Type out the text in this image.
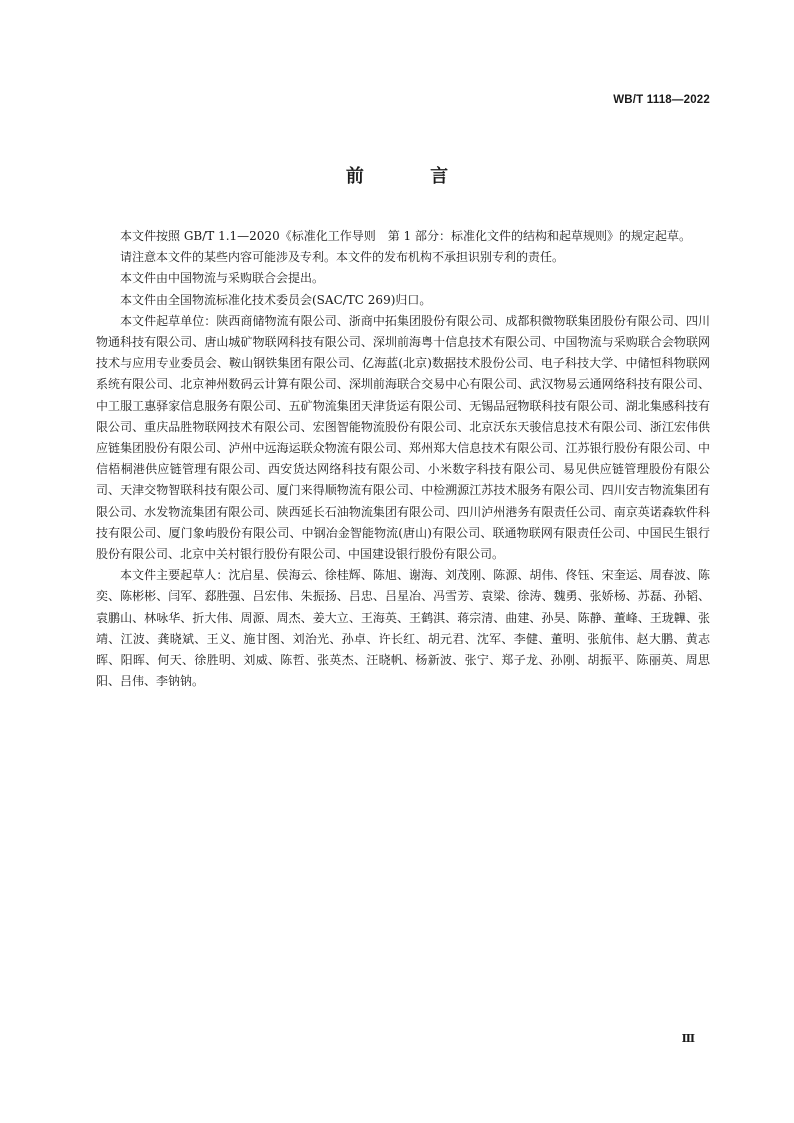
WB/T 1118—2022
前 言

本文件按照 GB/T 1.1—2020《标准化工作导则　第 1 部分：标准化文件的结构和起草规则》的规定起草。

请注意本文件的某些内容可能涉及专利。本文件的发布机构不承担识别专利的责任。

本文件由中国物流与采购联合会提出。

本文件由全国物流标准化技术委员会(SAC/TC 269)归口。

本文件起草单位：陕西商储物流有限公司、浙商中拓集团股份有限公司、成都积微物联集团股份有限公司、四川物通科技有限公司、唐山城矿物联网科技有限公司、深圳前海粤十信息技术有限公司、中国物流与采购联合会物联网技术与应用专业委员会、鞍山钢铁集团有限公司、亿海蓝(北京)数据技术股份公司、电子科技大学、中储恒科物联网系统有限公司、北京神州数码云计算有限公司、深圳前海联合交易中心有限公司、武汉物易云通网络科技有限公司、中工服工惠驿家信息服务有限公司、五矿物流集团天津货运有限公司、无锡品冠物联科技有限公司、湖北集感科技有限公司、重庆品胜物联网技术有限公司、宏图智能物流股份有限公司、北京沃东天骏信息技术有限公司、浙江宏伟供应链集团股份有限公司、泸州中远海运联众物流有限公司、郑州郑大信息技术有限公司、江苏银行股份有限公司、中信梧桐港供应链管理有限公司、西安货达网络科技有限公司、小米数字科技有限公司、易见供应链管理股份有限公司、天津交物智联科技有限公司、厦门来得顺物流有限公司、中检溯源江苏技术服务有限公司、四川安吉物流集团有限公司、水发物流集团有限公司、陕西延长石油物流集团有限公司、四川泸州港务有限责任公司、南京英诺森软件科技有限公司、厦门象屿股份有限公司、中钢冶金智能物流(唐山)有限公司、联通物联网有限责任公司、中国民生银行股份有限公司、北京中关村银行股份有限公司、中国建设银行股份有限公司。

本文件主要起草人：沈启星、侯海云、徐桂辉、陈旭、谢海、刘茂刚、陈源、胡伟、佟钰、宋奎运、周春波、陈奕、陈彬彬、闫军、郄胜强、吕宏伟、朱振扬、吕忠、吕星冶、冯雪芳、袁梁、徐涛、魏勇、张娇杨、苏磊、孙韬、袁鹏山、林咏华、折大伟、周源、周杰、姜大立、王海英、王鹤淇、蒋宗清、曲建、孙昊、陈静、董峰、王珑韡、张靖、江波、龚晓斌、王义、施甘图、刘治光、孙卓、许长红、胡元君、沈军、李健、董明、张航伟、赵大鹏、黄志晖、阳晖、何天、徐胜明、刘威、陈哲、张英杰、汪晓帆、杨新波、张宁、郑子龙、孙刚、胡振平、陈丽英、周思阳、吕伟、李钠钠。

Ⅲ
